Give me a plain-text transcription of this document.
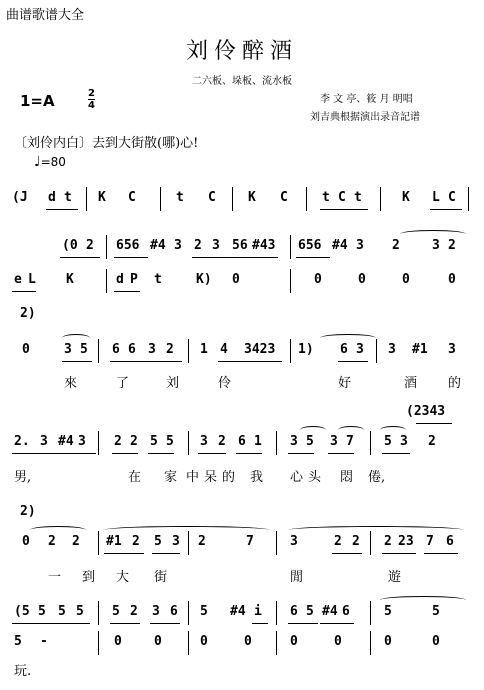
曲谱歌谱大全
刘伶醉酒
二六板、垛板、流水板
1=A	2
4
李 文 亭、筱 月 明唱
刘吉典根据演出录音記谱
〔刘伶内白〕去到大街散(哪)心!
♩=80
(J d t K C	t C K C	t C t	K L C
(0 2 656 #4 3 2 3 56 #43 656 #4 3 2 3 2
e L K	d P t	K) 0	0	0	0	0
2)
0	3 5 6 6 3 2 1 4 3423 1) 6 3 3 #1 3
來	了	刘	伶	好	酒 的
(2343
2. 3 #4 3 2 2 5 5 3 2 6 1 3 5 3 7 5 3 2
男,	在 家 中 呆 的 我 心 头 悶 倦,
2)
0 2 2 #1 2 5 3 2	7	3	2 2 2 23 7 6
一 到 大 街	閒	遊
(5 5 5 5 5 2 3 6 5 #4 i 6 5 #4 6	5	5
5 -	0 0	0	0	0	0	0	0
玩.
